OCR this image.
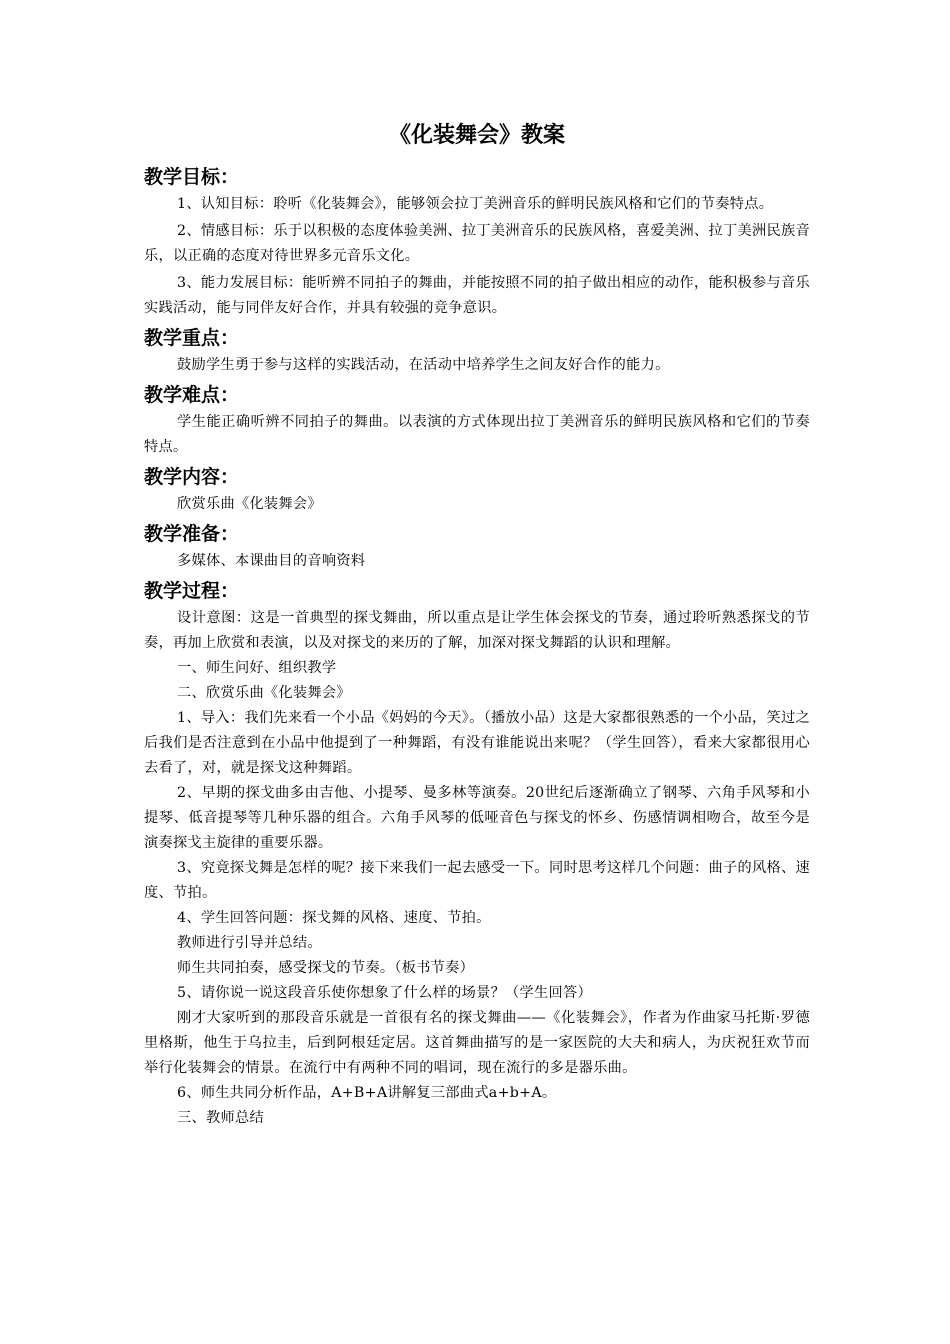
《化装舞会》教案
教学目标：

1、认知目标：聆听《化装舞会》，能够领会拉丁美洲音乐的鲜明民族风格和它们的节奏特点。

2、情感目标：乐于以积极的态度体验美洲、拉丁美洲音乐的民族风格，喜爱美洲、拉丁美洲民族音乐，以正确的态度对待世界多元音乐文化。

3、能力发展目标：能听辨不同拍子的舞曲，并能按照不同的拍子做出相应的动作，能积极参与音乐实践活动，能与同伴友好合作，并具有较强的竞争意识。

教学重点：

鼓励学生勇于参与这样的实践活动，在活动中培养学生之间友好合作的能力。

教学难点：

学生能正确听辨不同拍子的舞曲。以表演的方式体现出拉丁美洲音乐的鲜明民族风格和它们的节奏特点。

教学内容：

欣赏乐曲《化装舞会》

教学准备：

多媒体、本课曲目的音响资料

教学过程：

设计意图：这是一首典型的探戈舞曲，所以重点是让学生体会探戈的节奏，通过聆听熟悉探戈的节奏，再加上欣赏和表演，以及对探戈的来历的了解，加深对探戈舞蹈的认识和理解。

一、师生问好、组织教学

二、欣赏乐曲《化装舞会》

1、导入：我们先来看一个小品《妈妈的今天》。（播放小品）这是大家都很熟悉的一个小品，笑过之后我们是否注意到在小品中他提到了一种舞蹈，有没有谁能说出来呢？（学生回答），看来大家都很用心去看了，对，就是探戈这种舞蹈。

2、早期的探戈曲多由吉他、小提琴、曼多林等演奏。20世纪后逐渐确立了钢琴、六角手风琴和小提琴、低音提琴等几种乐器的组合。六角手风琴的低哑音色与探戈的怀乡、伤感情调相吻合，故至今是演奏探戈主旋律的重要乐器。

3、究竟探戈舞是怎样的呢？接下来我们一起去感受一下。同时思考这样几个问题：曲子的风格、速度、节拍。

4、学生回答问题：探戈舞的风格、速度、节拍。

教师进行引导并总结。

师生共同拍奏，感受探戈的节奏。（板书节奏）

5、请你说一说这段音乐使你想象了什么样的场景？（学生回答）

刚才大家听到的那段音乐就是一首很有名的探戈舞曲——《化装舞会》，作者为作曲家马托斯·罗德里格斯，他生于乌拉圭，后到阿根廷定居。这首舞曲描写的是一家医院的大夫和病人，为庆祝狂欢节而举行化装舞会的情景。在流行中有两种不同的唱词，现在流行的多是器乐曲。

6、师生共同分析作品，A+B+A讲解复三部曲式a+b+A。

三、教师总结
